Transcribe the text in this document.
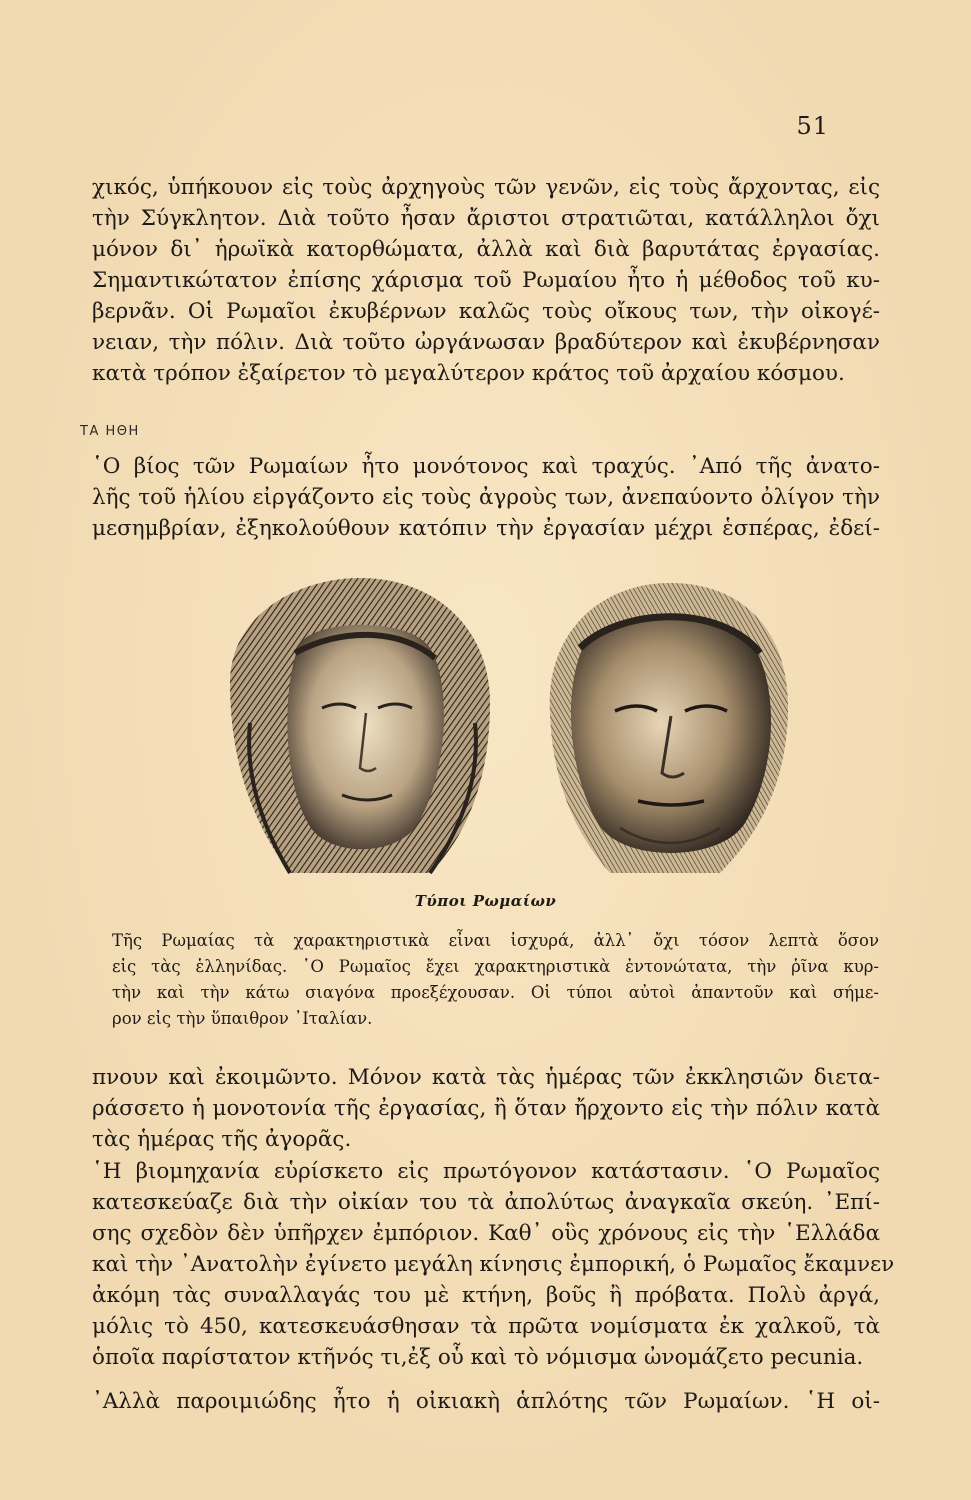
51
χικός, ὑπήκουον εἰς τοὺς ἀρχηγοὺς τῶν γενῶν, εἰς τοὺς ἄρχοντας, εἰς
τὴν Σύγκλητον. Διὰ τοῦτο ἦσαν ἄριστοι στρατιῶται, κατάλληλοι ὄχι
μόνον δι᾽ ἡρωϊκὰ κατορθώματα, ἀλλὰ καὶ διὰ βαρυτάτας ἐργασίας.
Σημαντικώτατον ἐπίσης χάρισμα τοῦ Ρωμαίου ἦτο ἡ μέθοδος τοῦ κυ-
βερνᾶν. Οἱ Ρωμαῖοι ἐκυβέρνων καλῶς τοὺς οἴκους των, τὴν οἰκογέ-
νειαν, τὴν πόλιν. Διὰ τοῦτο ὠργάνωσαν βραδύτερον καὶ ἐκυβέρνησαν
κατὰ τρόπον ἐξαίρετον τὸ μεγαλύτερον κράτος τοῦ ἀρχαίου κόσμου.
ΤΑ ΗΘΗ
῾Ο βίος τῶν Ρωμαίων ἦτο μονότονος καὶ τραχύς. ᾿Από τῆς ἀνατο-
λῆς τοῦ ἡλίου εἰργάζοντο εἰς τοὺς ἀγροὺς των, ἀνεπαύοντο ὀλίγον τὴν
μεσημβρίαν, ἐξηκολούθουν κατόπιν τὴν ἐργασίαν μέχρι ἑσπέρας, ἐδεί-
Τύποι Ρωμαίων
Τῆς Ρωμαίας τὰ χαρακτηριστικὰ εἶναι ἰσχυρά, ἀλλ᾽ ὄχι τόσον λεπτὰ ὅσον
εἰς τὰς ἑλληνίδας. ῾Ο Ρωμαῖος ἔχει χαρακτηριστικὰ ἐντονώτατα, τὴν ῥῖνα κυρ-
τὴν καὶ τὴν κάτω σιαγόνα προεξέχουσαν. Οἱ τύποι αὐτοὶ ἀπαντοῦν καὶ σήμε-
ρον εἰς τὴν ὕπαιθρον ᾿Ιταλίαν.
πνουν καὶ ἐκοιμῶντο. Μόνον κατὰ τὰς ἡμέρας τῶν ἐκκλησιῶν διετα-
ράσσετο ἡ μονοτονία τῆς ἐργασίας, ἢ ὅταν ἤρχοντο εἰς τὴν πόλιν κατὰ
τὰς ἡμέρας τῆς ἀγορᾶς.
῾Η βιομηχανία εὑρίσκετο εἰς πρωτόγονον κατάστασιν. ῾Ο Ρωμαῖος
κατεσκεύαζε διὰ τὴν οἰκίαν του τὰ ἀπολύτως ἀναγκαῖα σκεύη. ᾿Επί-
σης σχεδὸν δὲν ὑπῆρχεν ἐμπόριον. Καθ᾽ οὓς χρόνους εἰς τὴν ῾Ελλάδα
καὶ τὴν ᾿Ανατολὴν ἐγίνετο μεγάλη κίνησις ἐμπορική, ὁ Ρωμαῖος ἔκαμνεν
ἀκόμη τὰς συναλλαγάς του μὲ κτήνη, βοῦς ἢ πρόβατα. Πολὺ ἀργά,
μόλις τὸ 450, κατεσκευάσθησαν τὰ πρῶτα νομίσματα ἐκ χαλκοῦ, τὰ
ὁποῖα παρίστατον κτῆνός τι,ἐξ οὗ καὶ τὸ νόμισμα ὠνομάζετο pecunia.
᾿Αλλὰ παροιμιώδης ἦτο ἡ οἰκιακὴ ἁπλότης τῶν Ρωμαίων. ῾Η οἰ-
